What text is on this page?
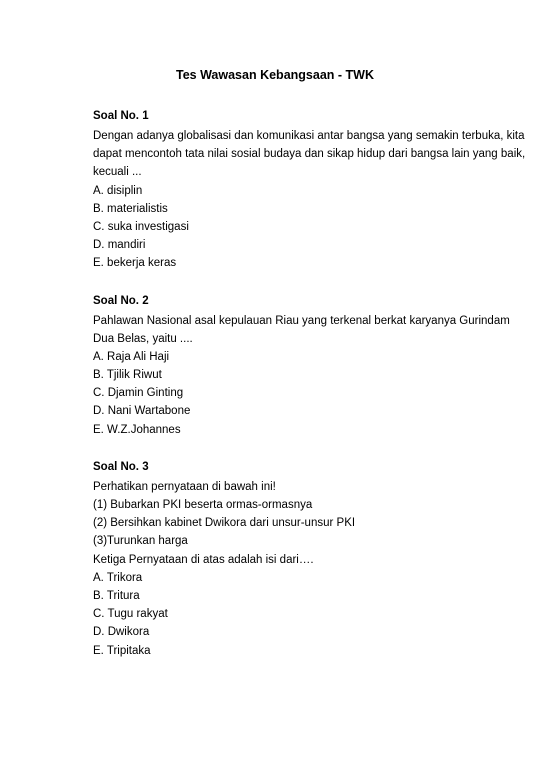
Tes Wawasan Kebangsaan - TWK
Soal No. 1
Dengan adanya globalisasi dan komunikasi antar bangsa yang semakin terbuka, kita
dapat mencontoh tata nilai sosial budaya dan sikap hidup dari bangsa lain yang baik,
kecuali ...
A. disiplin
B. materialistis
C. suka investigasi
D. mandiri
E. bekerja keras
Soal No. 2
Pahlawan Nasional asal kepulauan Riau yang terkenal berkat karyanya Gurindam
Dua Belas, yaitu ....
A. Raja Ali Haji
B. Tjilik Riwut
C. Djamin Ginting
D. Nani Wartabone
E. W.Z.Johannes
Soal No. 3
Perhatikan pernyataan di bawah ini!
(1) Bubarkan PKI beserta ormas-ormasnya
(2) Bersihkan kabinet Dwikora dari unsur-unsur PKI
(3)Turunkan harga
Ketiga Pernyataan di atas adalah isi dari….
A. Trikora
B. Tritura
C. Tugu rakyat
D. Dwikora
E. Tripitaka
